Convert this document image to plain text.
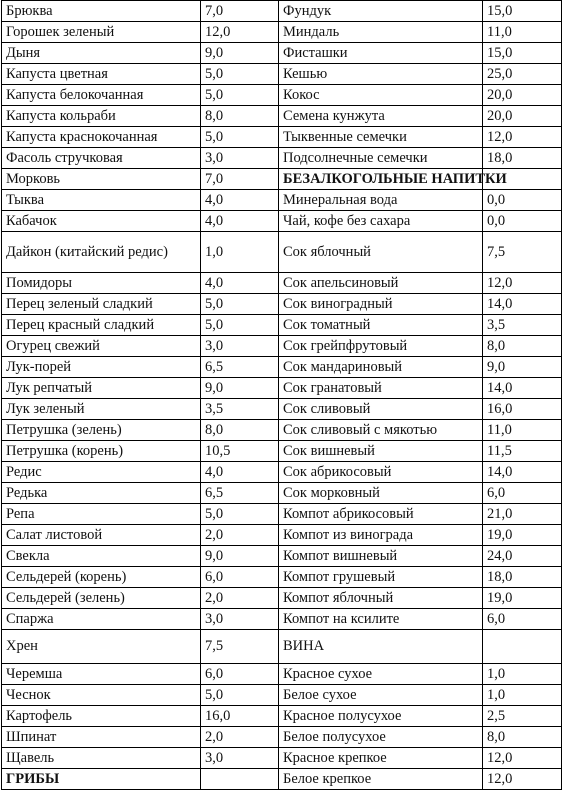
Брюква	7,0	Фундук	15,0
Горошек зеленый	12,0	Миндаль	11,0
Дыня	9,0	Фисташки	15,0
Капуста цветная	5,0	Кешью	25,0
Капуста белокочанная	5,0	Кокос	20,0
Капуста кольраби	8,0	Семена кунжута	20,0
Капуста краснокочанная	5,0	Тыквенные семечки	12,0
Фасоль стручковая	3,0	Подсолнечные семечки	18,0
Морковь	7,0	БЕЗАЛКОГОЛЬНЫЕ НАПИТКИ	
Тыква	4,0	Минеральная вода	0,0
Кабачок	4,0	Чай, кофе без сахара	0,0
Дайкон (китайский редис)	1,0	Сок яблочный	7,5
Помидоры	4,0	Сок апельсиновый	12,0
Перец зеленый сладкий	5,0	Сок виноградный	14,0
Перец красный сладкий	5,0	Сок томатный	3,5
Огурец свежий	3,0	Сок грейпфрутовый	8,0
Лук-порей	6,5	Сок мандариновый	9,0
Лук репчатый	9,0	Сок гранатовый	14,0
Лук зеленый	3,5	Сок сливовый	16,0
Петрушка (зелень)	8,0	Сок сливовый с мякотью	11,0
Петрушка (корень)	10,5	Сок вишневый	11,5
Редис	4,0	Сок абрикосовый	14,0
Редька	6,5	Сок морковный	6,0
Репа	5,0	Компот абрикосовый	21,0
Салат листовой	2,0	Компот из винограда	19,0
Свекла	9,0	Компот вишневый	24,0
Сельдерей (корень)	6,0	Компот грушевый	18,0
Сельдерей (зелень)	2,0	Компот яблочный	19,0
Спаржа	3,0	Компот на ксилите	6,0
Хрен	7,5	ВИНА	
Черемша	6,0	Красное сухое	1,0
Чеснок	5,0	Белое сухое	1,0
Картофель	16,0	Красное полусухое	2,5
Шпинат	2,0	Белое полусухое	8,0
Щавель	3,0	Красное крепкое	12,0
ГРИБЫ		Белое крепкое	12,0
